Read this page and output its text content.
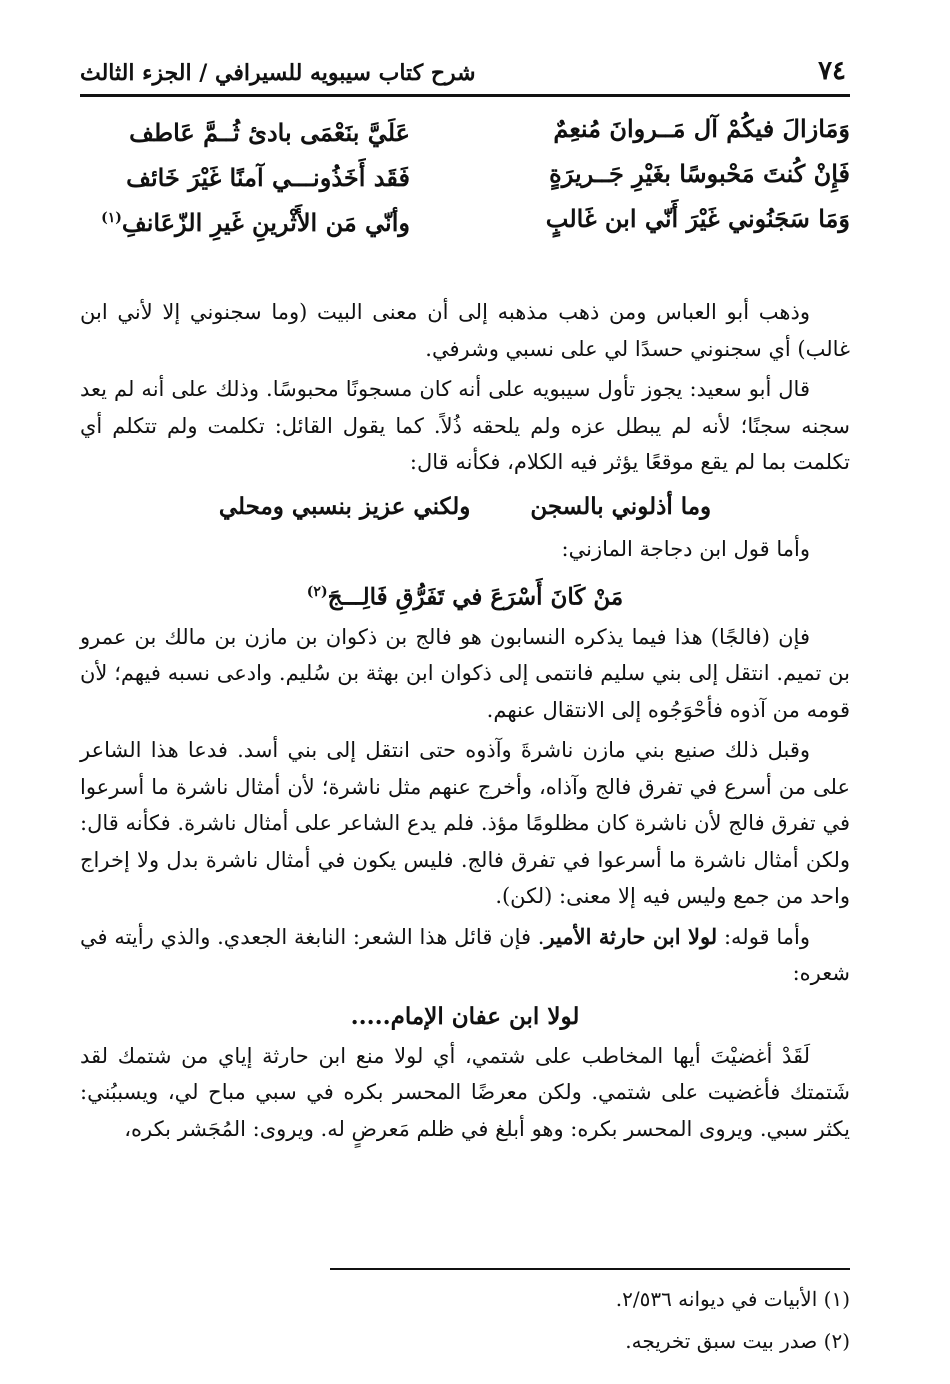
٧٤
شرح كتاب سيبويه للسيرافي / الجزء الثالث
وَمَازالَ فيكُمْ آل مَــروانَ مُنعِمٌ
عَلَيَّ بنَعْمَى بادئ ثُــمَّ عَاطف
فَإِنْ كُنتَ مَحْبوسًا بغَيْرِ جَــريرَةٍ
فَقَد أَخَذُونـــي آمنًا غَيْرَ خَائف
وَمَا سَجَنُوني غَيْرَ أَنّي ابن غَالبٍ
وأنّي مَن الأَثْرينِ غَيرِ الزّعَانفِ$^{(١)}$

وذهب أبو العباس ومن ذهب مذهبه إلى أن معنى البيت (وما سجنوني إلا لأني ابن غالب) أي سجنوني حسدًا لي على نسبي وشرفي.

قال أبو سعيد: يجوز تأول سيبويه على أنه كان مسجونًا محبوسًا. وذلك على أنه لم يعد سجنه سجنًا؛ لأنه لم يبطل عزه ولم يلحقه ذُلاً. كما يقول القائل: تكلمت ولم تتكلم أي تكلمت بما لم يقع موقعًا يؤثر فيه الكلام، فكأنه قال:

وما أذلوني بالسجن
ولكني عزيز بنسبي ومحلي

وأما قول ابن دجاجة المازني:

مَنْ كَانَ أَسْرَعَ في تَفَرُّقِ فَالِـــجَ$^{(٢)}$

فإن (فالجًا) هذا فيما يذكره النسابون هو فالج بن ذكوان بن مازن بن مالك بن عمرو بن تميم. انتقل إلى بني سليم فانتمى إلى ذكوان ابن بهثة بن سُليم. وادعى نسبه فيهم؛ لأن قومه من آذوه فأحْوَجُوه إلى الانتقال عنهم.

وقبل ذلك صنيع بني مازن ناشرةَ وآذوه حتى انتقل إلى بني أسد. فدعا هذا الشاعر على من أسرع في تفرق فالج وآذاه، وأخرج عنهم مثل ناشرة؛ لأن أمثال ناشرة ما أسرعوا في تفرق فالج لأن ناشرة كان مظلومًا مؤذ. فلم يدع الشاعر على أمثال ناشرة. فكأنه قال: ولكن أمثال ناشرة ما أسرعوا في تفرق فالج. فليس يكون في أمثال ناشرة بدل ولا إخراج واحد من جمع وليس فيه إلا معنى: (لكن).

وأما قوله: لولا ابن حارثة الأمير. فإن قائل هذا الشعر: النابغة الجعدي. والذي رأيته في شعره:

لولا ابن عفان الإمام.....

لَقَدْ أغضيْتَ أيها المخاطب على شتمي، أي لولا منع ابن حارثة إياي من شتمك لقد شَتمتك فأغضيت على شتمي. ولكن معرضًا المحسر بكره في سبي مباح لي، ويسببُني: يكثر سبي. ويروى المحسر بكره: وهو أبلغ في ظلم مَعرضٍ له. ويروى: المُجَشر بكره،

(١) الأبيات في ديوانه ٢/٥٣٦.
(٢) صدر بيت سبق تخريجه.
